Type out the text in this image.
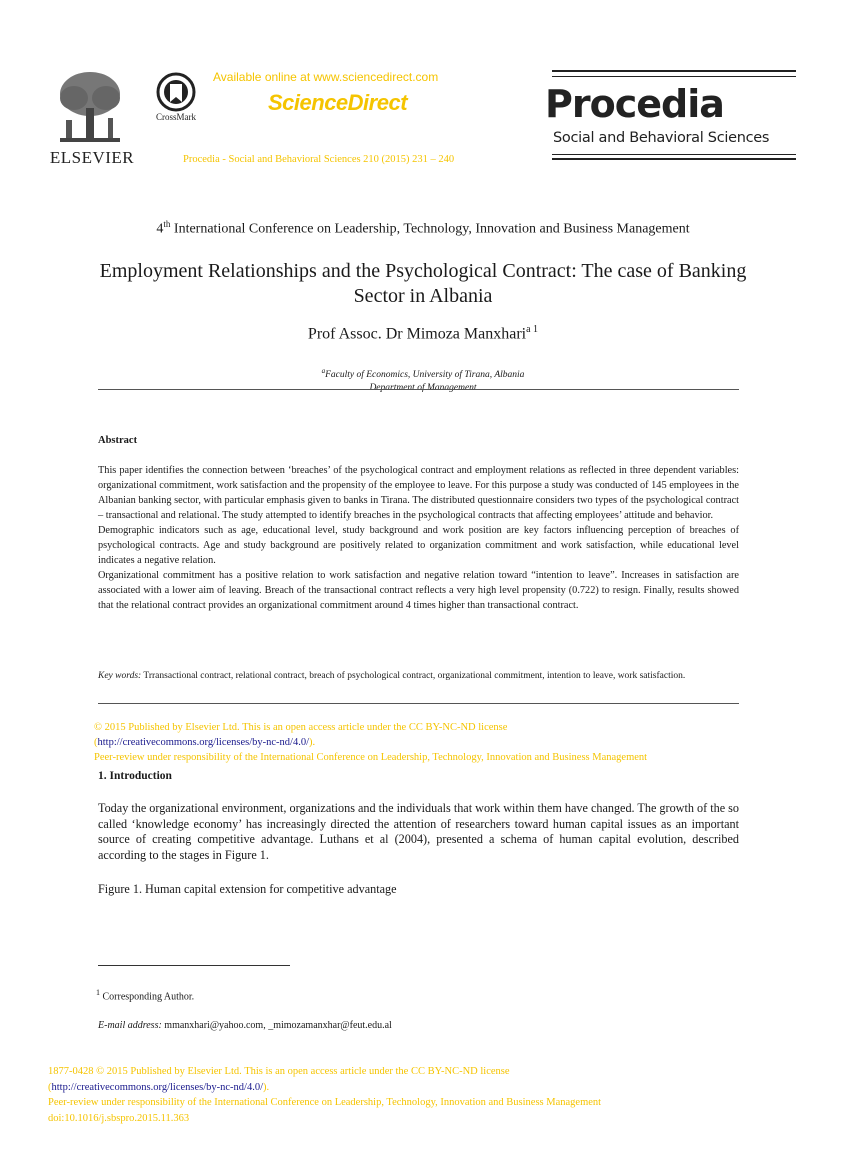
ELSEVIER
CrossMark
Available online at www.sciencedirect.com
ScienceDirect
Procedia - Social and Behavioral Sciences 210 (2015) 231 – 240
Procedia
Social and Behavioral Sciences
4th International Conference on Leadership, Technology, Innovation and Business Management
Employment Relationships and the Psychological Contract: The case of Banking Sector in Albania
Prof Assoc. Dr Mimoza Manxhari$^{a 1}$
$^a$Faculty of Economics, University of Tirana, Albania
Abstract

This paper identifies the connection between ‘breaches’ of the psychological contract and employment relations as reflected in three dependent variables: organizational commitment, work satisfaction and the propensity of the employee to leave. For this purpose a study was conducted of 145 employees in the Albanian banking sector, with particular emphasis given to banks in Tirana. The distributed questionnaire considers two types of the psychological contract – transactional and relational. The study attempted to identify breaches in the psychological contracts that affecting employees’ attitude and behavior.

Demographic indicators such as age, educational level, study background and work position are key factors influencing perception of breaches of psychological contracts. Age and study background are positively related to organization commitment and work satisfaction, while educational level indicates a negative relation.

Organizational commitment has a positive relation to work satisfaction and negative relation toward “intention to leave”. Increases in satisfaction are associated with a lower aim of leaving. Breach of the transactional contract reflects a very high level propensity (0.722) to resign. Finally, results showed that the relational contract provides an organizational commitment around 4 times higher than transactional contract.

Key words: Trransactional contract, relational contract, breach of psychological contract, organizational commitment, intention to leave, work satisfaction.
© 2015 Published by Elsevier Ltd. This is an open access article under the CC BY-NC-ND license
(http://creativecommons.org/licenses/by-nc-nd/4.0/).
Peer-review under responsibility of the International Conference on Leadership, Technology, Innovation and Business Management
1. Introduction
Today the organizational environment, organizations and the individuals that work within them have changed. The growth of the so called ‘knowledge economy’ has increasingly directed the attention of researchers toward human capital issues as an important source of creating competitive advantage. Luthans et al (2004), presented a schema of human capital evolution, described according to the stages in Figure 1.
Figure 1. Human capital extension for competitive advantage
$^1$ Corresponding Author.
E-mail address: mmanxhari@yahoo.com, _mimozamanxhar@feut.edu.al
1877-0428 © 2015 Published by Elsevier Ltd. This is an open access article under the CC BY-NC-ND license
(http://creativecommons.org/licenses/by-nc-nd/4.0/).
Peer-review under responsibility of the International Conference on Leadership, Technology, Innovation and Business Management
doi:10.1016/j.sbspro.2015.11.363
